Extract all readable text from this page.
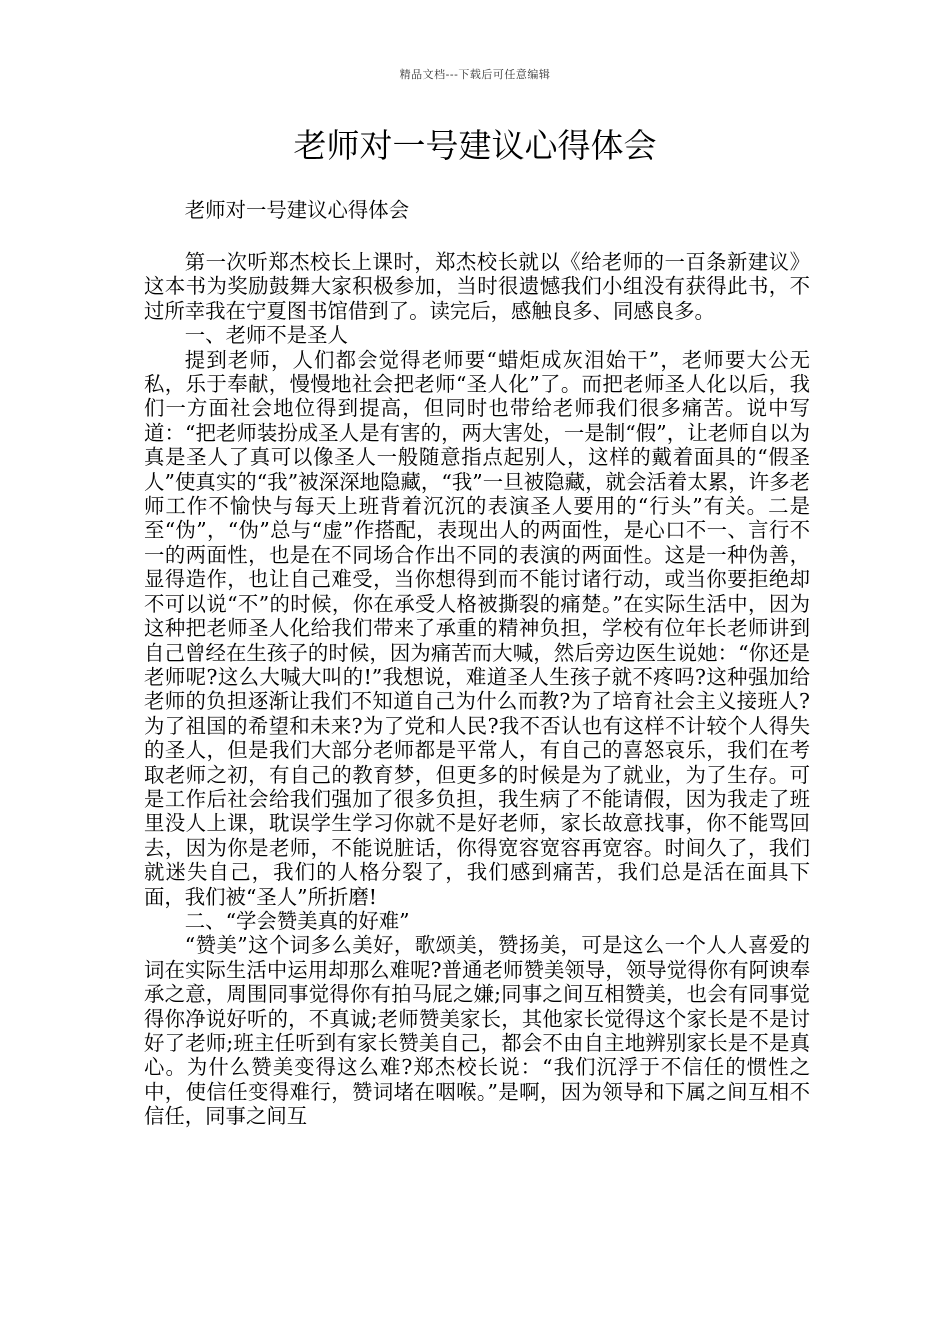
精品文档---下载后可任意编辑
老师对一号建议心得体会

老师对一号建议心得体会

第一次听郑杰校长上课时，郑杰校长就以《给老师的一百条新建议》这本书为奖励鼓舞大家积极参加，当时很遗憾我们小组没有获得此书，不过所幸我在宁夏图书馆借到了。读完后，感触良多、同感良多。

一、老师不是圣人

提到老师，人们都会觉得老师要“蜡炬成灰泪始干”，老师要大公无私，乐于奉献，慢慢地社会把老师“圣人化”了。而把老师圣人化以后，我们一方面社会地位得到提高，但同时也带给老师我们很多痛苦。说中写道：“把老师装扮成圣人是有害的，两大害处，一是制“假”，让老师自以为真是圣人了真可以像圣人一般随意指点起别人，这样的戴着面具的“假圣人”使真实的“我”被深深地隐藏，“我”一旦被隐藏，就会活着太累，许多老师工作不愉快与每天上班背着沉沉的表演圣人要用的“行头”有关。二是至“伪”，“伪”总与“虚”作搭配，表现出人的两面性，是心口不一、言行不一的两面性，也是在不同场合作出不同的表演的两面性。这是一种伪善，显得造作，也让自己难受，当你想得到而不能讨诸行动，或当你要拒绝却不可以说“不”的时候，你在承受人格被撕裂的痛楚。”在实际生活中，因为这种把老师圣人化给我们带来了承重的精神负担，学校有位年长老师讲到自己曾经在生孩子的时候，因为痛苦而大喊，然后旁边医生说她：“你还是老师呢?这么大喊大叫的!”我想说，难道圣人生孩子就不疼吗?这种强加给老师的负担逐渐让我们不知道自己为什么而教?为了培育社会主义接班人?为了祖国的希望和未来?为了党和人民?我不否认也有这样不计较个人得失的圣人，但是我们大部分老师都是平常人，有自己的喜怒哀乐，我们在考取老师之初，有自己的教育梦，但更多的时候是为了就业，为了生存。可是工作后社会给我们强加了很多负担，我生病了不能请假，因为我走了班里没人上课，耽误学生学习你就不是好老师，家长故意找事，你不能骂回去，因为你是老师，不能说脏话，你得宽容宽容再宽容。时间久了，我们就迷失自己，我们的人格分裂了，我们感到痛苦，我们总是活在面具下面，我们被“圣人”所折磨!

二、“学会赞美真的好难”

“赞美”这个词多么美好，歌颂美，赞扬美，可是这么一个人人喜爱的词在实际生活中运用却那么难呢?普通老师赞美领导，领导觉得你有阿谀奉承之意，周围同事觉得你有拍马屁之嫌;同事之间互相赞美，也会有同事觉得你净说好听的，不真诚;老师赞美家长，其他家长觉得这个家长是不是讨好了老师;班主任听到有家长赞美自己，都会不由自主地辨别家长是不是真心。为什么赞美变得这么难?郑杰校长说：“我们沉浮于不信任的惯性之中，使信任变得难行，赞词堵在咽喉。”是啊，因为领导和下属之间互相不信任，同事之间互
